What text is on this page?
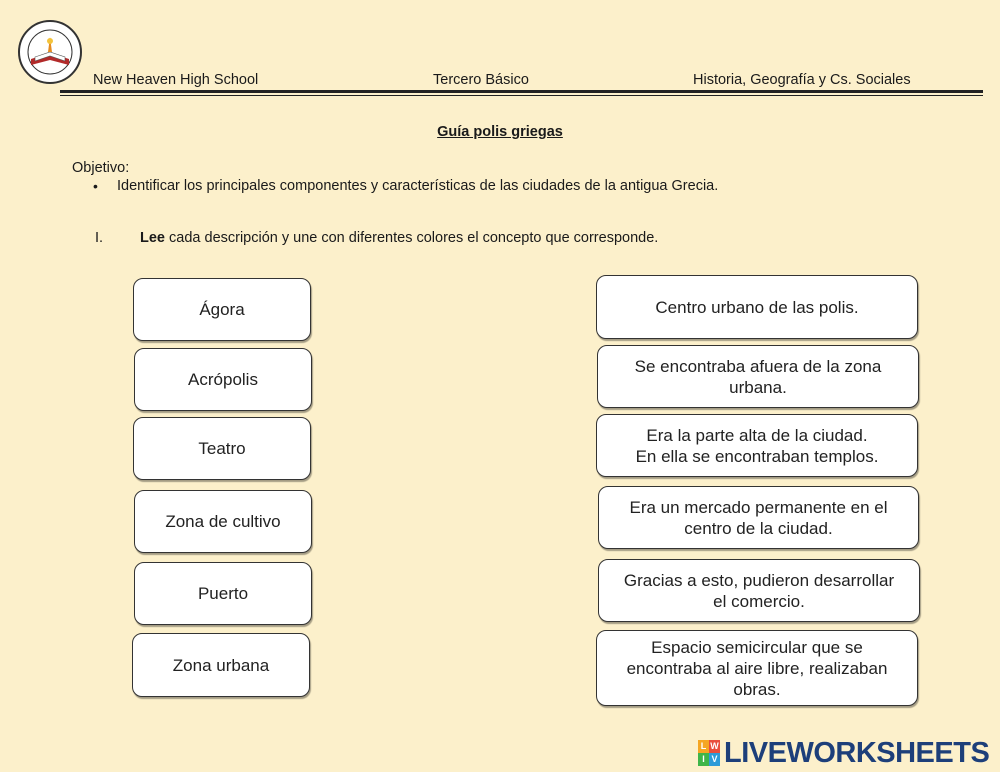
New Heaven High School	Tercero Básico	Historia, Geografía y Cs. Sociales
Guía polis griegas
Objetivo:
• Identificar los principales componentes y características de las ciudades de la antigua Grecia.
I.	Lee cada descripción y une con diferentes colores el concepto que corresponde.
Ágora
Acrópolis
Teatro
Zona de cultivo
Puerto
Zona urbana
Centro urbano de las polis.
Se encontraba afuera de la zona
urbana.
Era la parte alta de la ciudad.
En ella se encontraban templos.
Era un mercado permanente en el
centro de la ciudad.
Gracias a esto, pudieron desarrollar
el comercio.
Espacio semicircular que se
encontraba al aire libre, realizaban
obras.
L W
I V LIVEWORKSHEETS
